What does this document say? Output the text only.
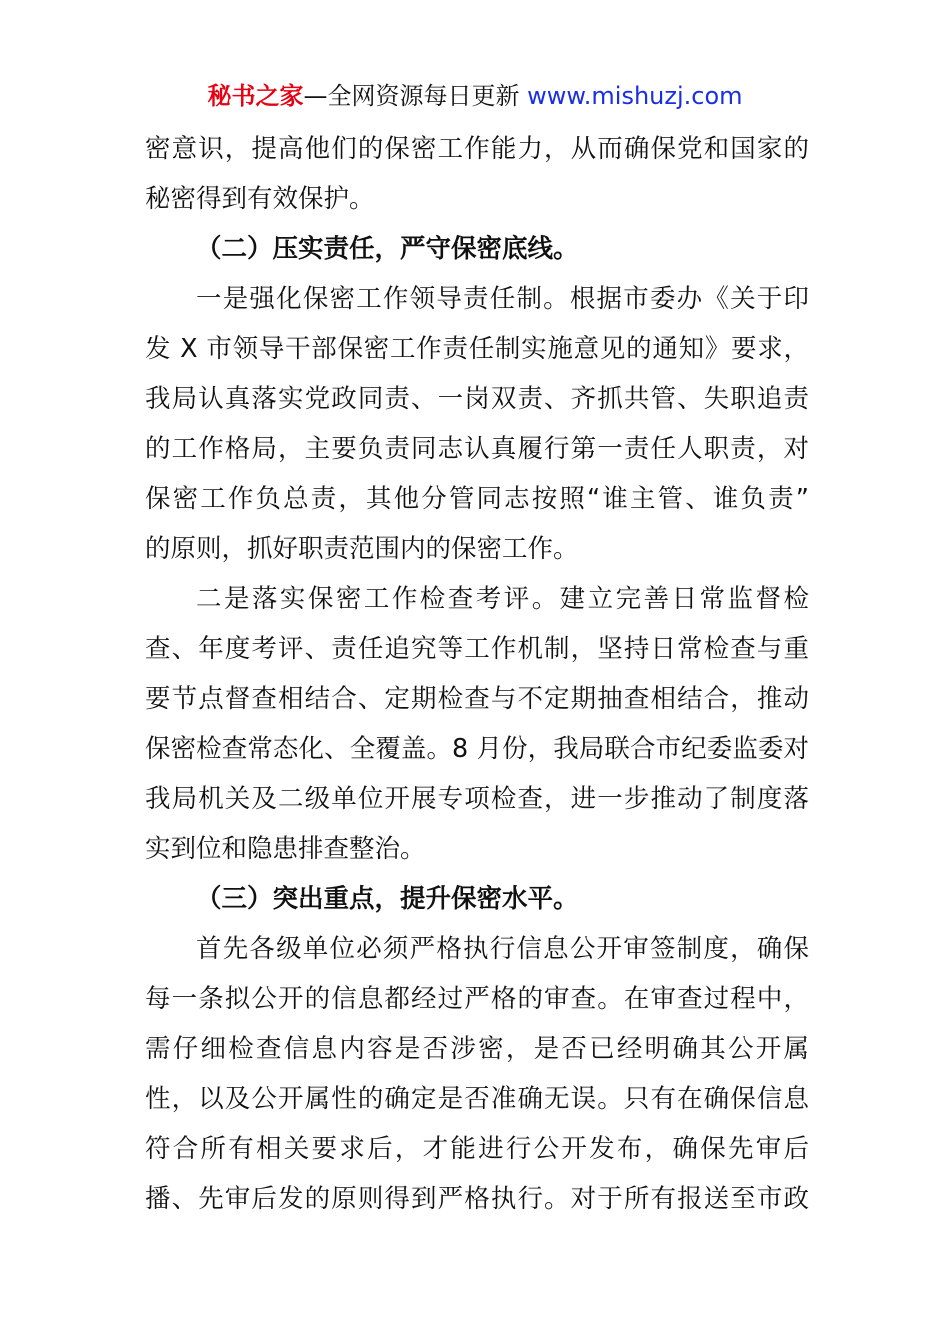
秘书之家—全网资源每日更新 www.mishuzj.com
密意识，提高他们的保密工作能力，从而确保党和国家的
秘密得到有效保护。
（二）压实责任，严守保密底线。
一是强化保密工作领导责任制。根据市委办《关于印
发 X 市领导干部保密工作责任制实施意见的通知》要求，
我局认真落实党政同责、一岗双责、齐抓共管、失职追责
的工作格局，主要负责同志认真履行第一责任人职责，对
保密工作负总责，其他分管同志按照“谁主管、谁负责”
的原则，抓好职责范围内的保密工作。
二是落实保密工作检查考评。建立完善日常监督检
查、年度考评、责任追究等工作机制，坚持日常检查与重
要节点督查相结合、定期检查与不定期抽查相结合，推动
保密检查常态化、全覆盖。8 月份，我局联合市纪委监委对
我局机关及二级单位开展专项检查，进一步推动了制度落
实到位和隐患排查整治。
（三）突出重点，提升保密水平。
首先各级单位必须严格执行信息公开审签制度，确保
每一条拟公开的信息都经过严格的审查。在审查过程中，
需仔细检查信息内容是否涉密，是否已经明确其公开属
性，以及公开属性的确定是否准确无误。只有在确保信息
符合所有相关要求后，才能进行公开发布，确保先审后
播、先审后发的原则得到严格执行。对于所有报送至市政
